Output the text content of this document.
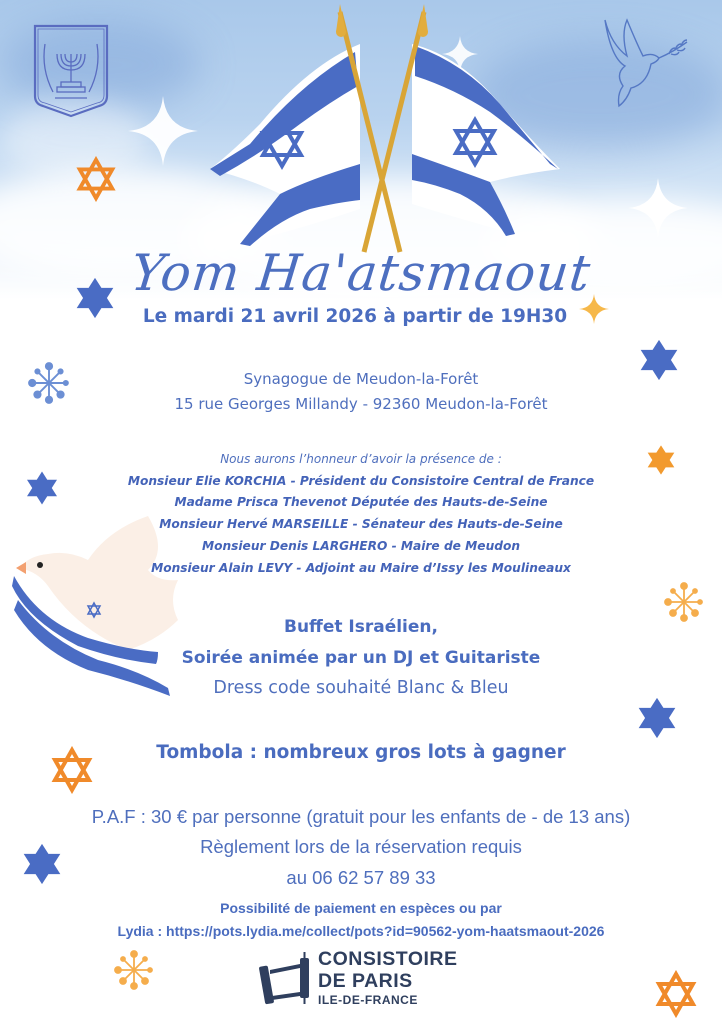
Yom Ha'atsmaout
Le mardi 21 avril 2026 à partir de 19H30
Synagogue de Meudon-la-Forêt
15 rue Georges Millandy - 92360 Meudon-la-Forêt
Nous aurons l’honneur d’avoir la présence de :
Monsieur Elie KORCHIA - Président du Consistoire Central de France
Madame Prisca Thevenot Députée des Hauts-de-Seine
Monsieur Hervé MARSEILLE - Sénateur des Hauts-de-Seine
Monsieur Denis LARGHERO - Maire de Meudon
Monsieur Alain LEVY - Adjoint au Maire d’Issy les Moulineaux
Buffet Israélien,
Soirée animée par un DJ et Guitariste
Dress code souhaité Blanc & Bleu
Tombola : nombreux gros lots à gagner
P.A.F : 30 € par personne (gratuit pour les enfants de - de 13 ans)
Règlement lors de la réservation requis
au 06 62 57 89 33
Possibilité de paiement en espèces ou par
Lydia : https://pots.lydia.me/collect/pots?id=90562-yom-haatsmaout-2026
CONSISTOIRE
DE PARIS
ILE-DE-FRANCE
